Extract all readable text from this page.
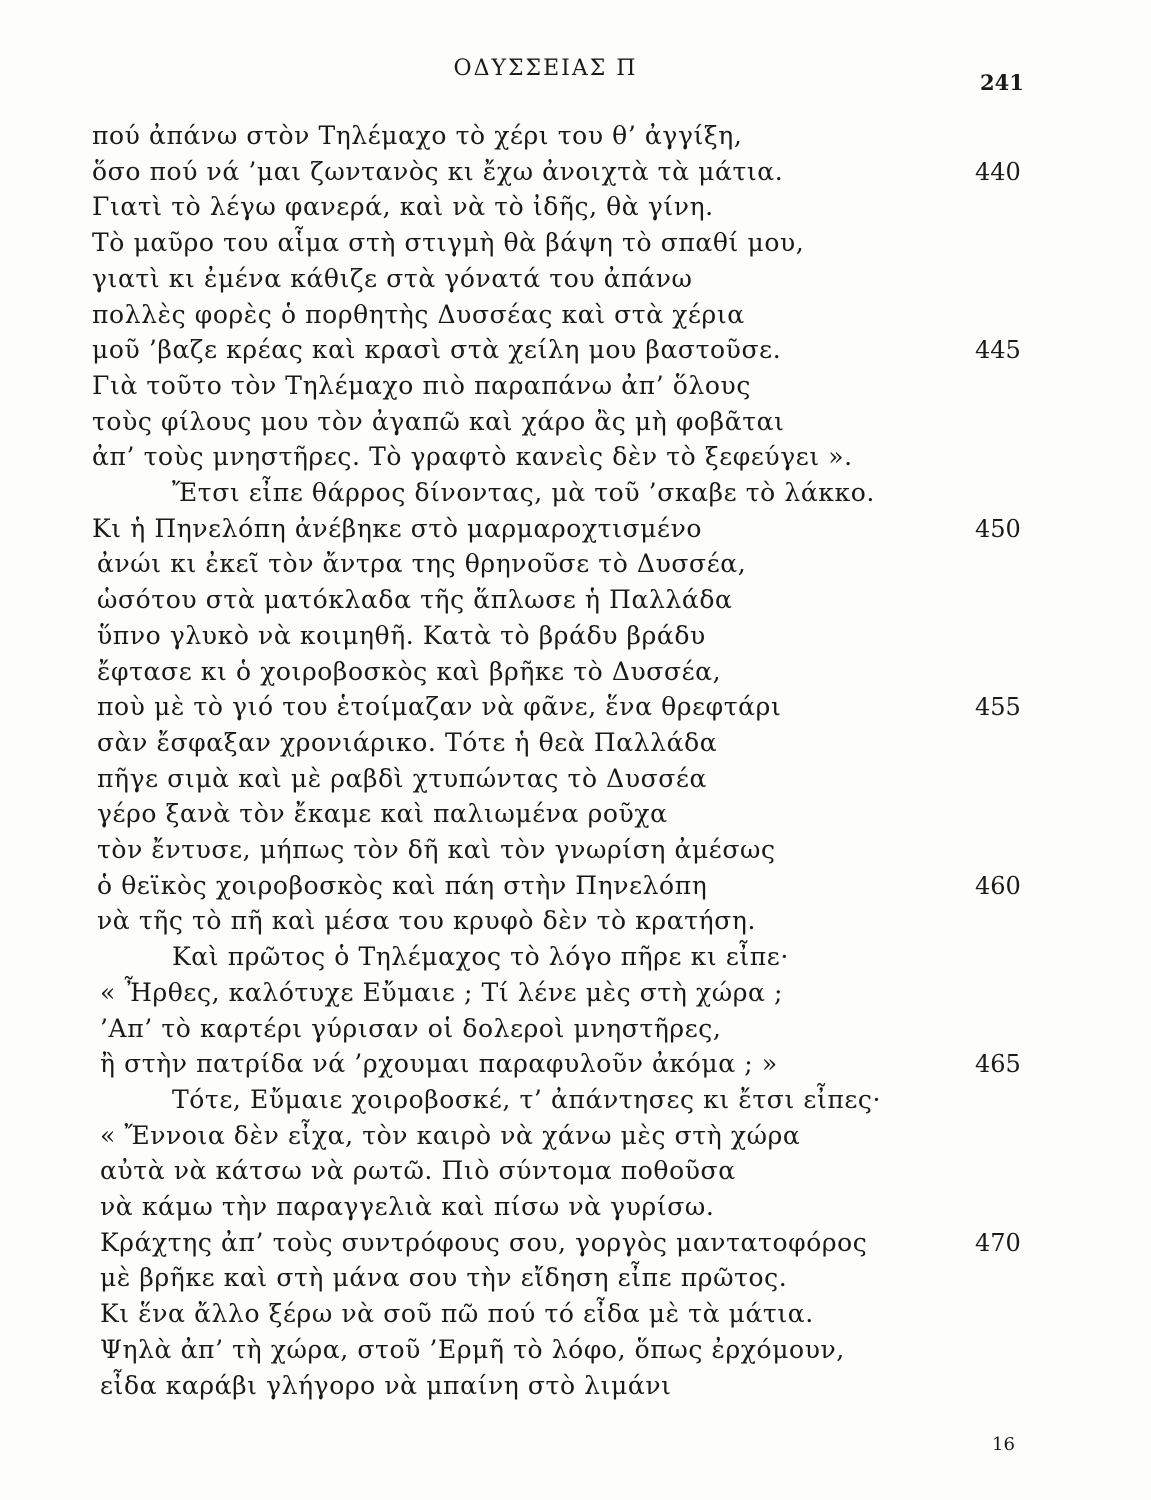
ΟΔΥΣΣΕΙΑΣ Π
241
πού ἀπάνω στὸν Τηλέμαχο τὸ χέρι του θ’ ἀγγίξη,
ὅσο πού νά ’μαι ζωντανὸς κι ἔχω ἀνοιχτὰ τὰ μάτια.	440
Γιατὶ τὸ λέγω φανερά, καὶ νὰ τὸ ἰδῆς, θὰ γίνη.
Τὸ μαῦρο του αἷμα στὴ στιγμὴ θὰ βάψη τὸ σπαθί μου,
γιατὶ κι ἐμένα κάθιζε στὰ γόνατά του ἀπάνω
πολλὲς φορὲς ὁ πορθητὴς Δυσσέας καὶ στὰ χέρια
μοῦ ’βαζε κρέας καὶ κρασὶ στὰ χείλη μου βαστοῦσε.	445
Γιὰ τοῦτο τὸν Τηλέμαχο πιὸ παραπάνω ἀπ’ ὅλους
τοὺς φίλους μου τὸν ἀγαπῶ καὶ χάρο ἂς μὴ φοβᾶται
ἀπ’ τοὺς μνηστῆρες. Τὸ γραφτὸ κανεὶς δὲν τὸ ξεφεύγει ».
Ἔτσι εἶπε θάρρος δίνοντας, μὰ τοῦ ’σκαβε τὸ λάκκο.
Κι ἡ Πηνελόπη ἀνέβηκε στὸ μαρμαροχτισμένο	450
ἀνώι κι ἐκεῖ τὸν ἄντρα της θρηνοῦσε τὸ Δυσσέα,
ὡσότου στὰ ματόκλαδα τῆς ἅπλωσε ἡ Παλλάδα
ὕπνο γλυκὸ νὰ κοιμηθῆ. Κατὰ τὸ βράδυ βράδυ
ἔφτασε κι ὁ χοιροβοσκὸς καὶ βρῆκε τὸ Δυσσέα,
ποὺ μὲ τὸ γιό του ἑτοίμαζαν νὰ φᾶνε, ἕνα θρεφτάρι	455
σὰν ἔσφαξαν χρονιάρικο. Τότε ἡ θεὰ Παλλάδα
πῆγε σιμὰ καὶ μὲ ραβδὶ χτυπώντας τὸ Δυσσέα
γέρο ξανὰ τὸν ἔκαμε καὶ παλιωμένα ροῦχα
τὸν ἔντυσε, μήπως τὸν δῆ καὶ τὸν γνωρίση ἀμέσως
ὁ θεϊκὸς χοιροβοσκὸς καὶ πάη στὴν Πηνελόπη	460
νὰ τῆς τὸ πῆ καὶ μέσα του κρυφὸ δὲν τὸ κρατήση.
Καὶ πρῶτος ὁ Τηλέμαχος τὸ λόγο πῆρε κι εἶπε·
« Ἦρθες, καλότυχε Εὔμαιε ; Τί λένε μὲς στὴ χώρα ;
’Απ’ τὸ καρτέρι γύρισαν οἱ δολεροὶ μνηστῆρες,
ἢ στὴν πατρίδα νά ’ρχουμαι παραφυλοῦν ἀκόμα ; »	465
Τότε, Εὔμαιε χοιροβοσκέ, τ’ ἀπάντησες κι ἔτσι εἶπες·
« Ἔννοια δὲν εἶχα, τὸν καιρὸ νὰ χάνω μὲς στὴ χώρα
αὐτὰ νὰ κάτσω νὰ ρωτῶ. Πιὸ σύντομα ποθοῦσα
νὰ κάμω τὴν παραγγελιὰ καὶ πίσω νὰ γυρίσω.
Κράχτης ἀπ’ τοὺς συντρόφους σου, γοργὸς μαντατοφόρος	470
μὲ βρῆκε καὶ στὴ μάνα σου τὴν εἴδηση εἶπε πρῶτος.
Κι ἕνα ἄλλο ξέρω νὰ σοῦ πῶ πού τό εἶδα μὲ τὰ μάτια.
Ψηλὰ ἀπ’ τὴ χώρα, στοῦ ’Ερμῆ τὸ λόφο, ὅπως ἐρχόμουν,
εἶδα καράβι γλήγορο νὰ μπαίνη στὸ λιμάνι
16
